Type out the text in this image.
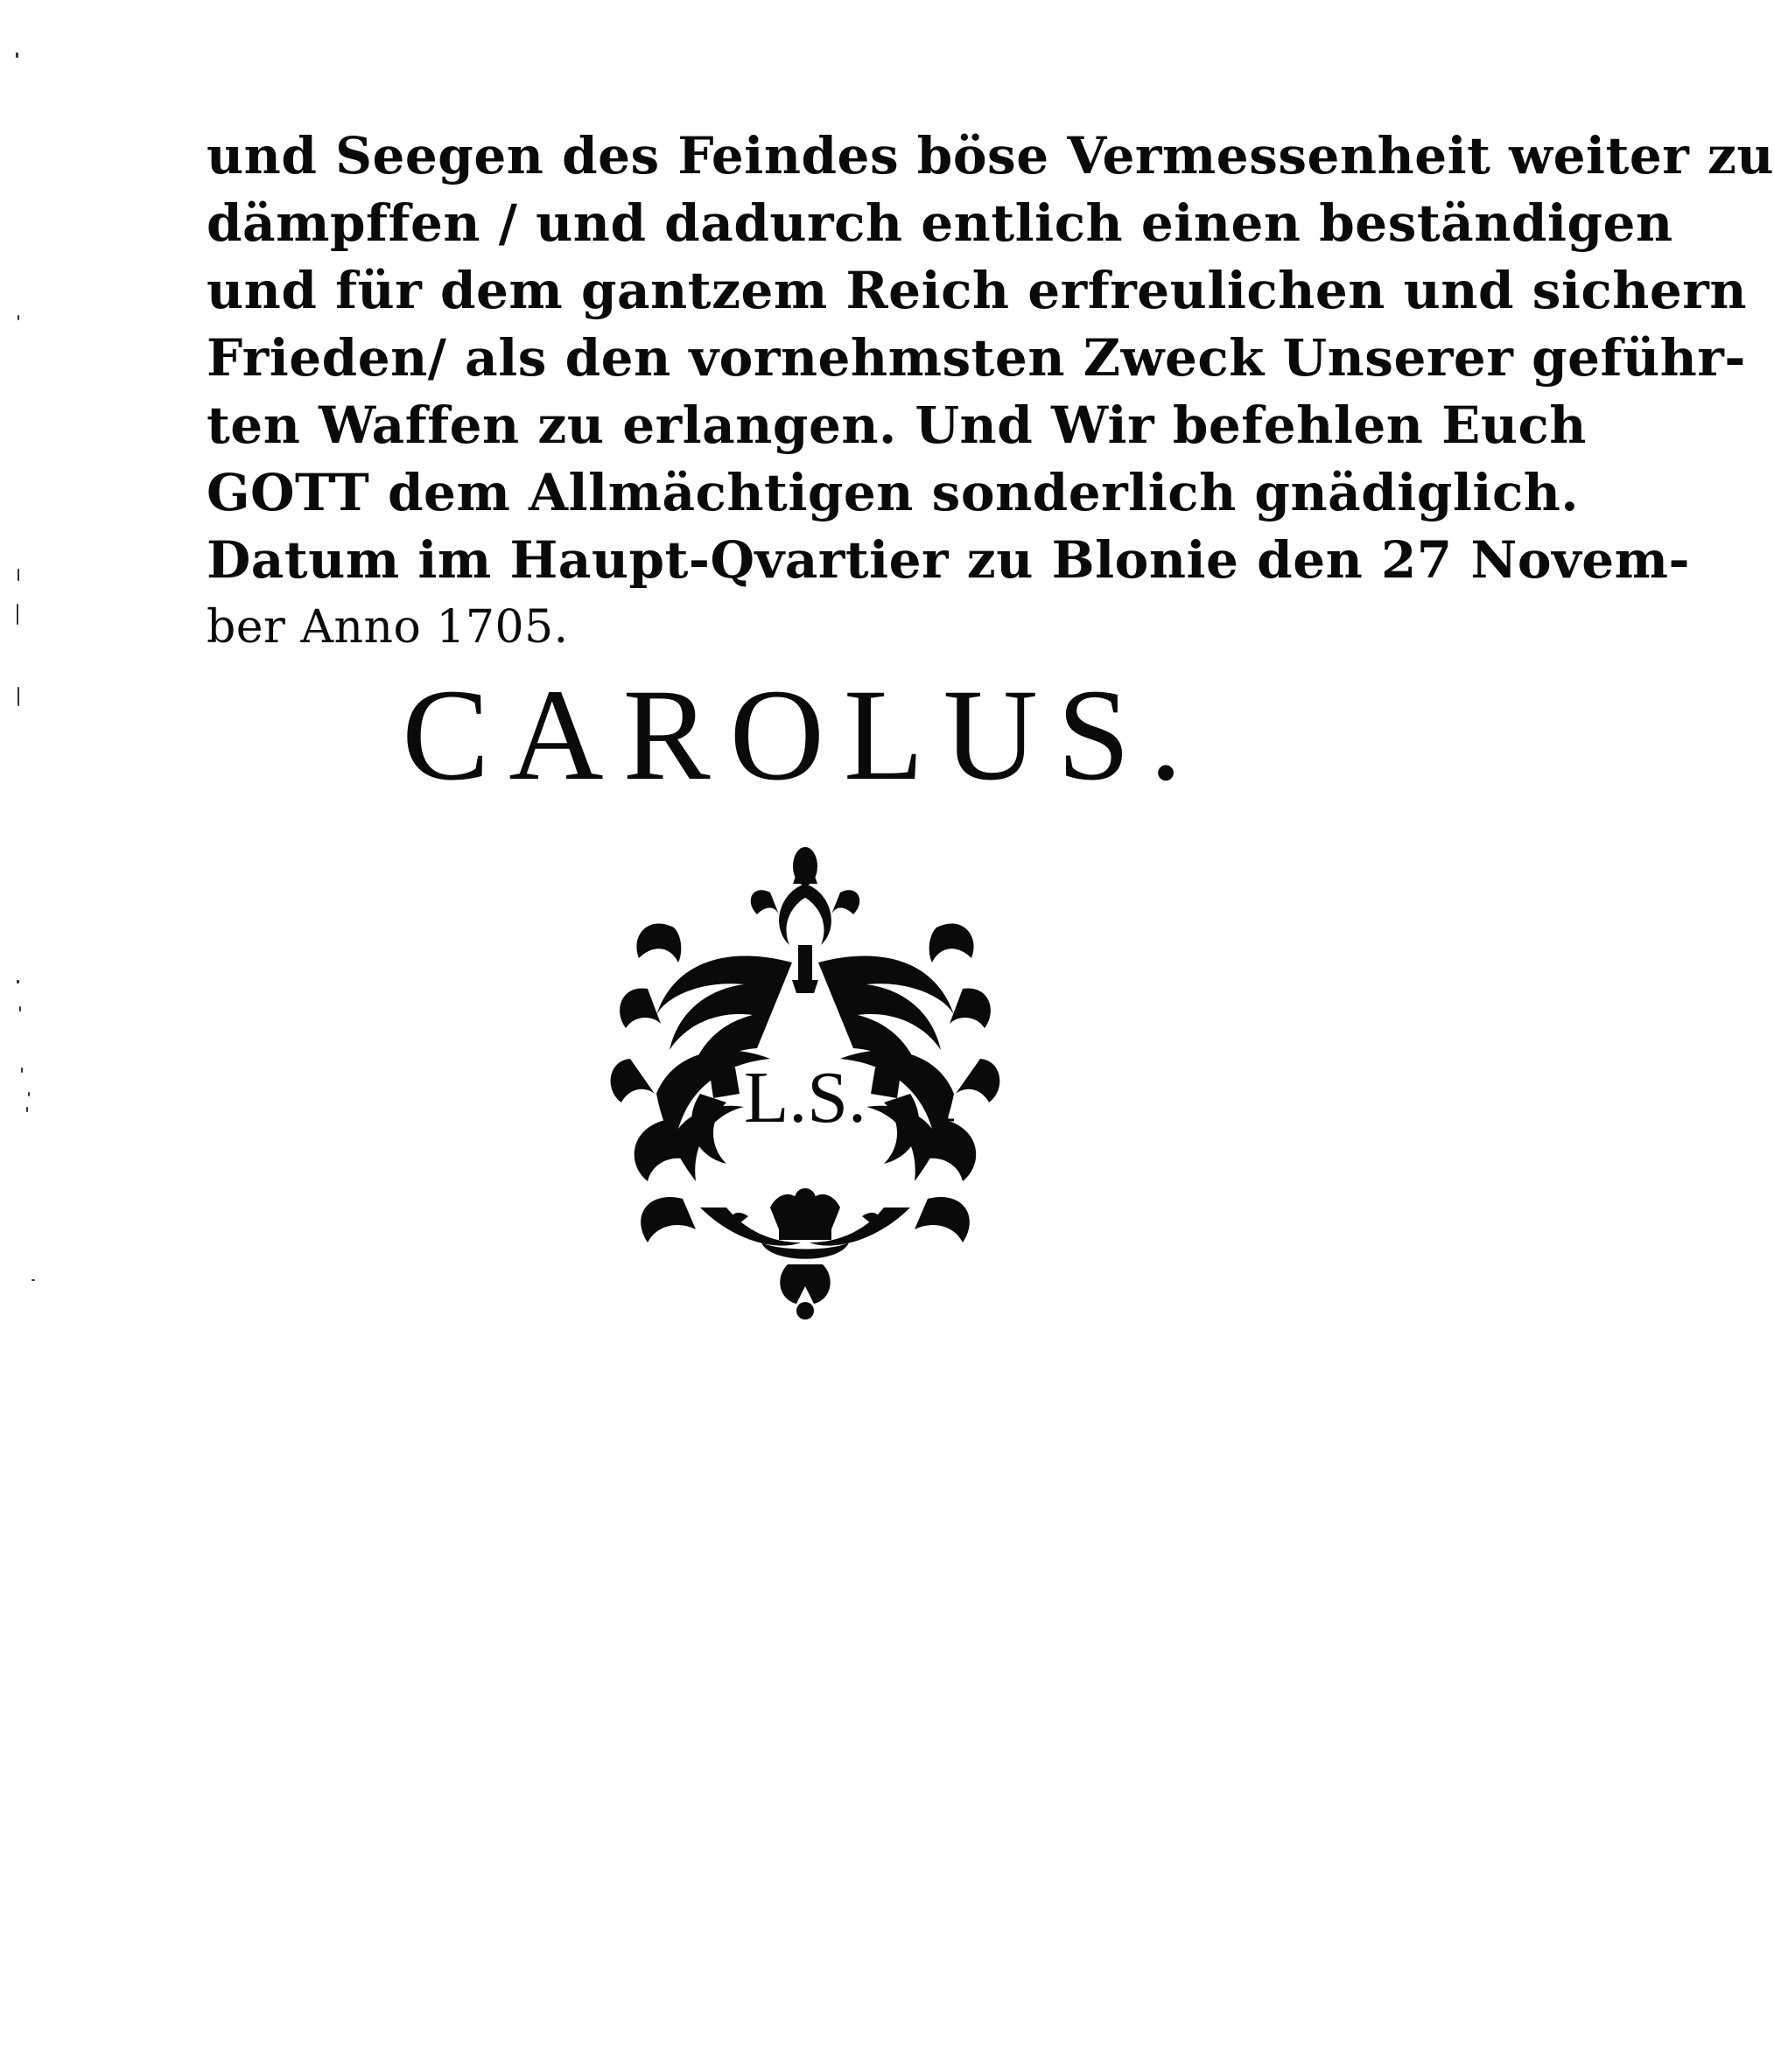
und Seegen des Feindes böse Vermessenheit weiter zu
dämpffen / und dadurch entlich einen beständigen
und für dem gantzem Reich erfreulichen und sichern
Frieden/ als den vornehmsten Zweck Unserer geführ-
ten Waffen zu erlangen. Und Wir befehlen Euch
GOTT dem Allmächtigen sonderlich gnädiglich.
Datum im Haupt-Qvartier zu Blonie den 27 Novem-
ber Anno 1705.
CAROLUS.
L.S.
